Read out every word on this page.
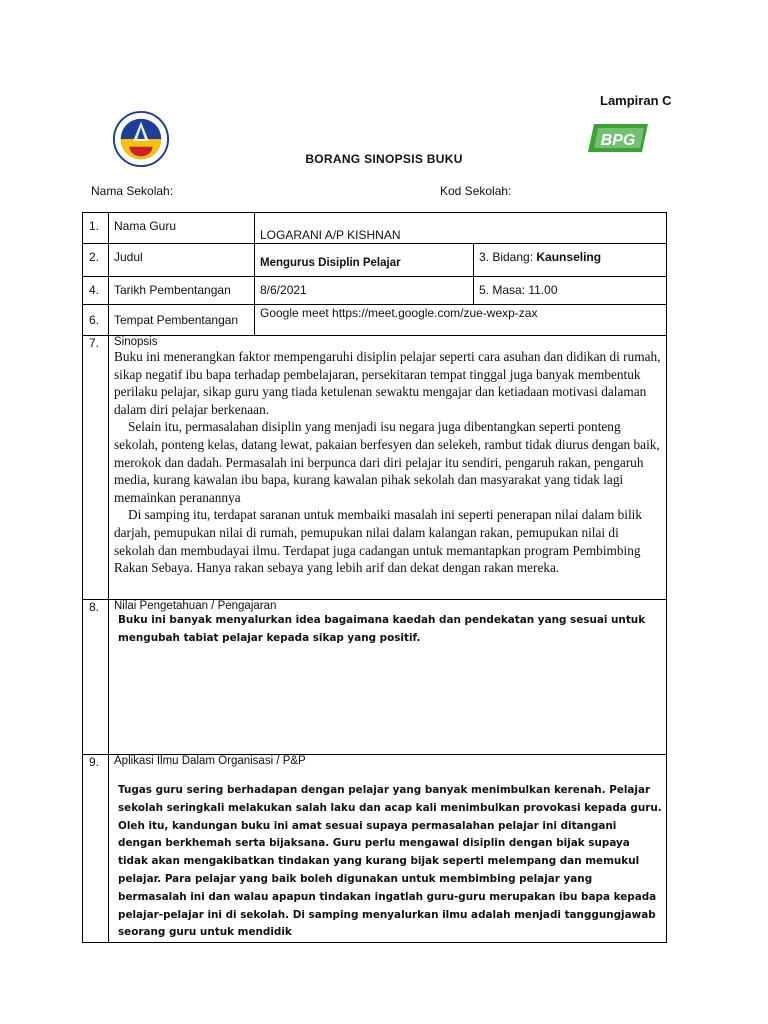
Lampiran C
BPG
BORANG SINOPSIS BUKU
Nama Sekolah:	Kod Sekolah:
1.	Nama Guru	LOGARANI A/P KISHNAN	
2.	Judul	Mengurus Disiplin Pelajar	3. Bidang: Kaunseling
4.	Tarikh Pembentangan	8/6/2021	5. Masa: 11.00
6.	Tempat Pembentangan	Google meet https://meet.google.com/zue-wexp-zax	
7.	Sinopsis

Buku ini menerangkan faktor mempengaruhi disiplin pelajar seperti cara asuhan dan didikan di rumah, sikap negatif ibu bapa terhadap pembelajaran, persekitaran tempat tinggal juga banyak membentuk perilaku pelajar, sikap guru yang tiada ketulenan sewaktu mengajar dan ketiadaan motivasi dalaman dalam diri pelajar berkenaan.

Selain itu, permasalahan disiplin yang menjadi isu negara juga dibentangkan seperti ponteng sekolah, ponteng kelas, datang lewat, pakaian berfesyen dan selekeh, rambut tidak diurus dengan baik, merokok dan dadah. Permasalah ini berpunca dari diri pelajar itu sendiri, pengaruh rakan, pengaruh media, kurang kawalan ibu bapa, kurang kawalan pihak sekolah dan masyarakat yang tidak lagi memainkan peranannya

Di samping itu, terdapat saranan untuk membaiki masalah ini seperti penerapan nilai dalam bilik darjah, pemupukan nilai di rumah, pemupukan nilai dalam kalangan rakan, pemupukan nilai di sekolah dan membudayai ilmu. Terdapat juga cadangan untuk memantapkan program Pembimbing Rakan Sebaya. Hanya rakan sebaya yang lebih arif dan dekat dengan rakan mereka.		

8.	Nilai Pengetahuan / Pengajaran
Buku ini banyak menyalurkan idea bagaimana kaedah dan pendekatan yang sesuai untuk mengubah tabiat pelajar kepada sikap yang positif.		

9.	Aplikasi Ilmu Dalam Organisasi / P&P
Tugas guru sering berhadapan dengan pelajar yang banyak menimbulkan kerenah. Pelajar sekolah seringkali melakukan salah laku dan acap kali menimbulkan provokasi kepada guru. Oleh itu, kandungan buku ini amat sesuai supaya permasalahan pelajar ini ditangani dengan berkhemah serta bijaksana. Guru perlu mengawal disiplin dengan bijak supaya tidak akan mengakibatkan tindakan yang kurang bijak seperti melempang dan memukul pelajar. Para pelajar yang baik boleh digunakan untuk membimbing pelajar yang bermasalah ini dan walau apapun tindakan ingatlah guru-guru merupakan ibu bapa kepada pelajar-pelajar ini di sekolah. Di samping menyalurkan ilmu adalah menjadi tanggungjawab seorang guru untuk mendidik		
